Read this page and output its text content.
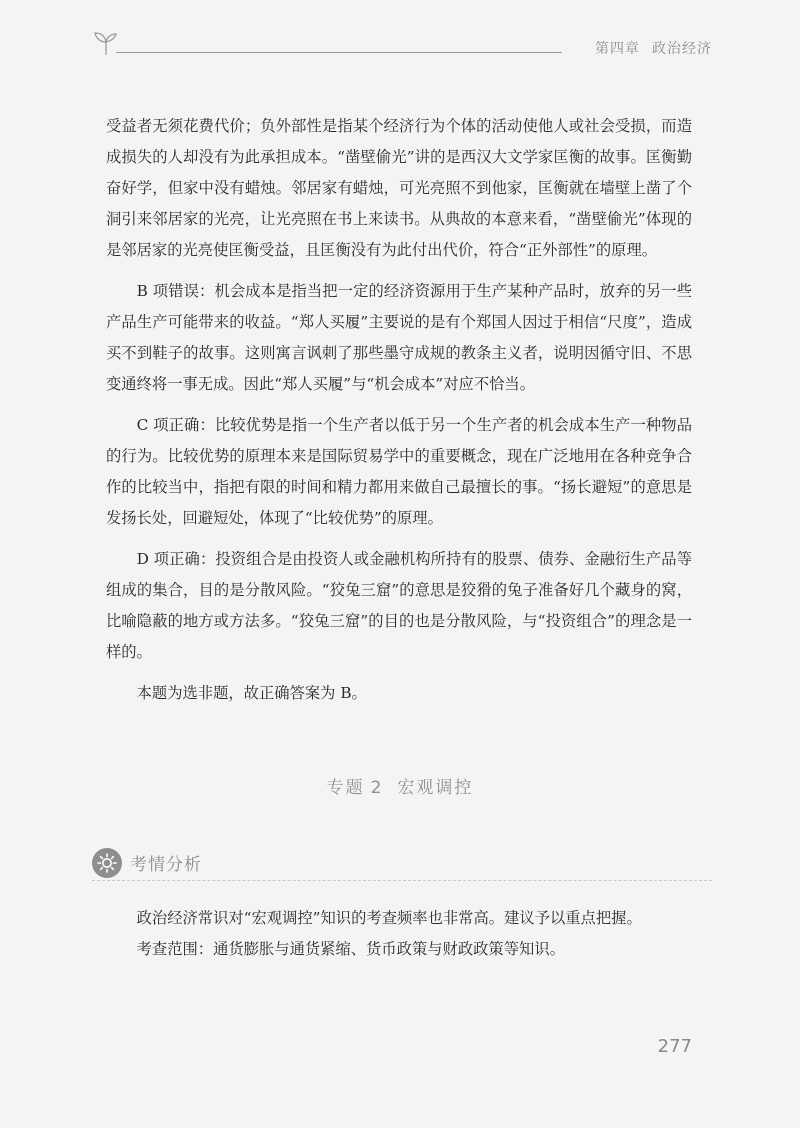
第四章 政治经济

受益者无须花费代价；负外部性是指某个经济行为个体的活动使他人或社会受损，而造成损失的人却没有为此承担成本。“凿壁偷光”讲的是西汉大文学家匡衡的故事。匡衡勤奋好学，但家中没有蜡烛。邻居家有蜡烛，可光亮照不到他家，匡衡就在墙壁上凿了个洞引来邻居家的光亮，让光亮照在书上来读书。从典故的本意来看，“凿壁偷光”体现的是邻居家的光亮使匡衡受益，且匡衡没有为此付出代价，符合“正外部性”的原理。

B 项错误：机会成本是指当把一定的经济资源用于生产某种产品时，放弃的另一些产品生产可能带来的收益。“郑人买履”主要说的是有个郑国人因过于相信“尺度”，造成买不到鞋子的故事。这则寓言讽刺了那些墨守成规的教条主义者，说明因循守旧、不思变通终将一事无成。因此“郑人买履”与“机会成本”对应不恰当。

C 项正确：比较优势是指一个生产者以低于另一个生产者的机会成本生产一种物品的行为。比较优势的原理本来是国际贸易学中的重要概念，现在广泛地用在各种竞争合作的比较当中，指把有限的时间和精力都用来做自己最擅长的事。“扬长避短”的意思是发扬长处，回避短处，体现了“比较优势”的原理。

D 项正确：投资组合是由投资人或金融机构所持有的股票、债券、金融衍生产品等组成的集合，目的是分散风险。“狡兔三窟”的意思是狡猾的兔子准备好几个藏身的窝，比喻隐蔽的地方或方法多。“狡兔三窟”的目的也是分散风险，与“投资组合”的理念是一样的。

本题为选非题，故正确答案为 B。

专题 2 宏观调控
考情分析

政治经济常识对“宏观调控”知识的考查频率也非常高。建议予以重点把握。

考查范围：通货膨胀与通货紧缩、货币政策与财政政策等知识。

277
